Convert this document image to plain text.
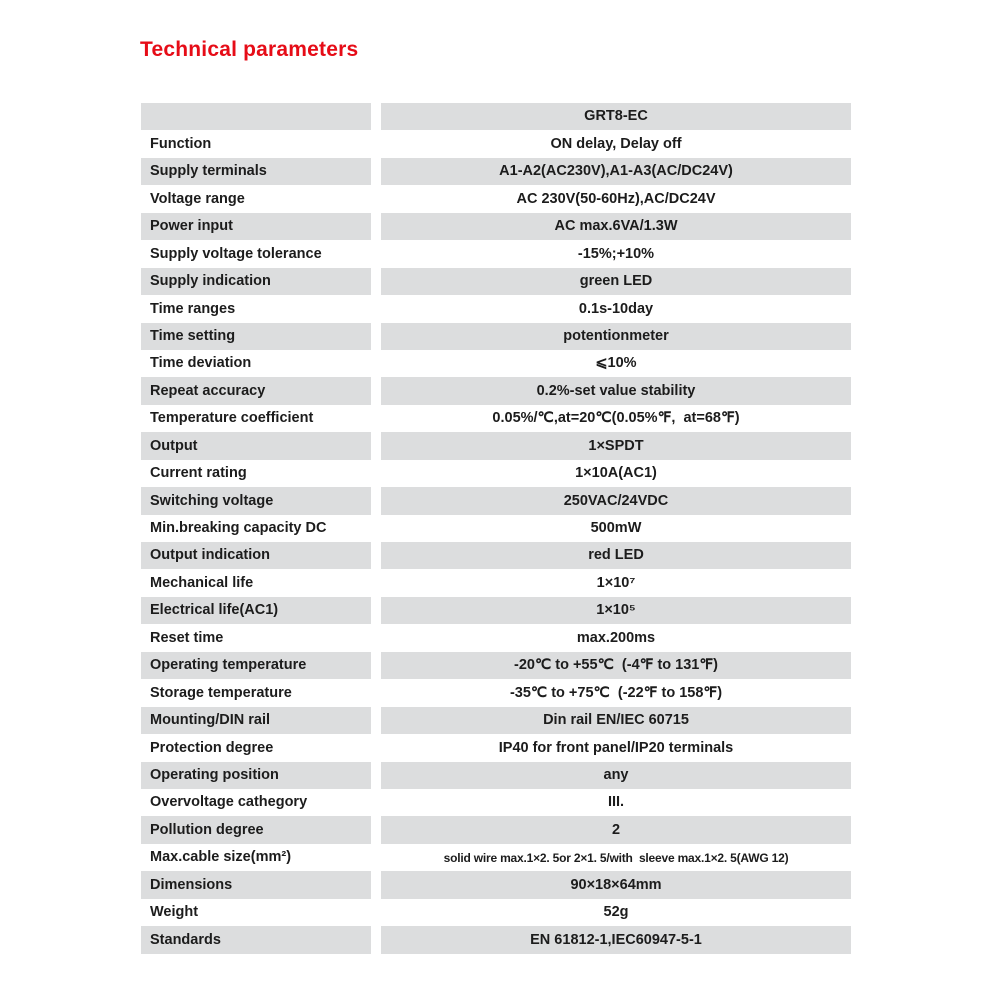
Technical parameters
GRT8-EC
Function	ON delay, Delay off
Supply terminals	A1-A2(AC230V),A1-A3(AC/DC24V)
Voltage range	AC 230V(50-60Hz),AC/DC24V
Power input	AC max.6VA/1.3W
Supply voltage tolerance	-15%;+10%
Supply indication	green LED
Time ranges	0.1s-10day
Time setting	potentionmeter
Time deviation	⩽10%
Repeat accuracy	0.2%-set value stability
Temperature coefficient	0.05%/℃,at=20℃(0.05%℉,  at=68℉)
Output	1×SPDT
Current rating	1×10A(AC1)
Switching voltage	250VAC/24VDC
Min.breaking capacity DC	500mW
Output indication	red LED
Mechanical life	1×10⁷
Electrical life(AC1)	1×10⁵
Reset time	max.200ms
Operating temperature	-20℃ to +55℃  (-4℉ to 131℉)
Storage temperature	-35℃ to +75℃  (-22℉ to 158℉)
Mounting/DIN rail	Din rail EN/IEC 60715
Protection degree	IP40 for front panel/IP20 terminals
Operating position	any
Overvoltage cathegory	III.
Pollution degree	2
Max.cable size(mm²)	solid wire max.1×2. 5or 2×1. 5/with  sleeve max.1×2. 5(AWG 12)
Dimensions	90×18×64mm
Weight	52g
Standards	EN 61812-1,IEC60947-5-1
